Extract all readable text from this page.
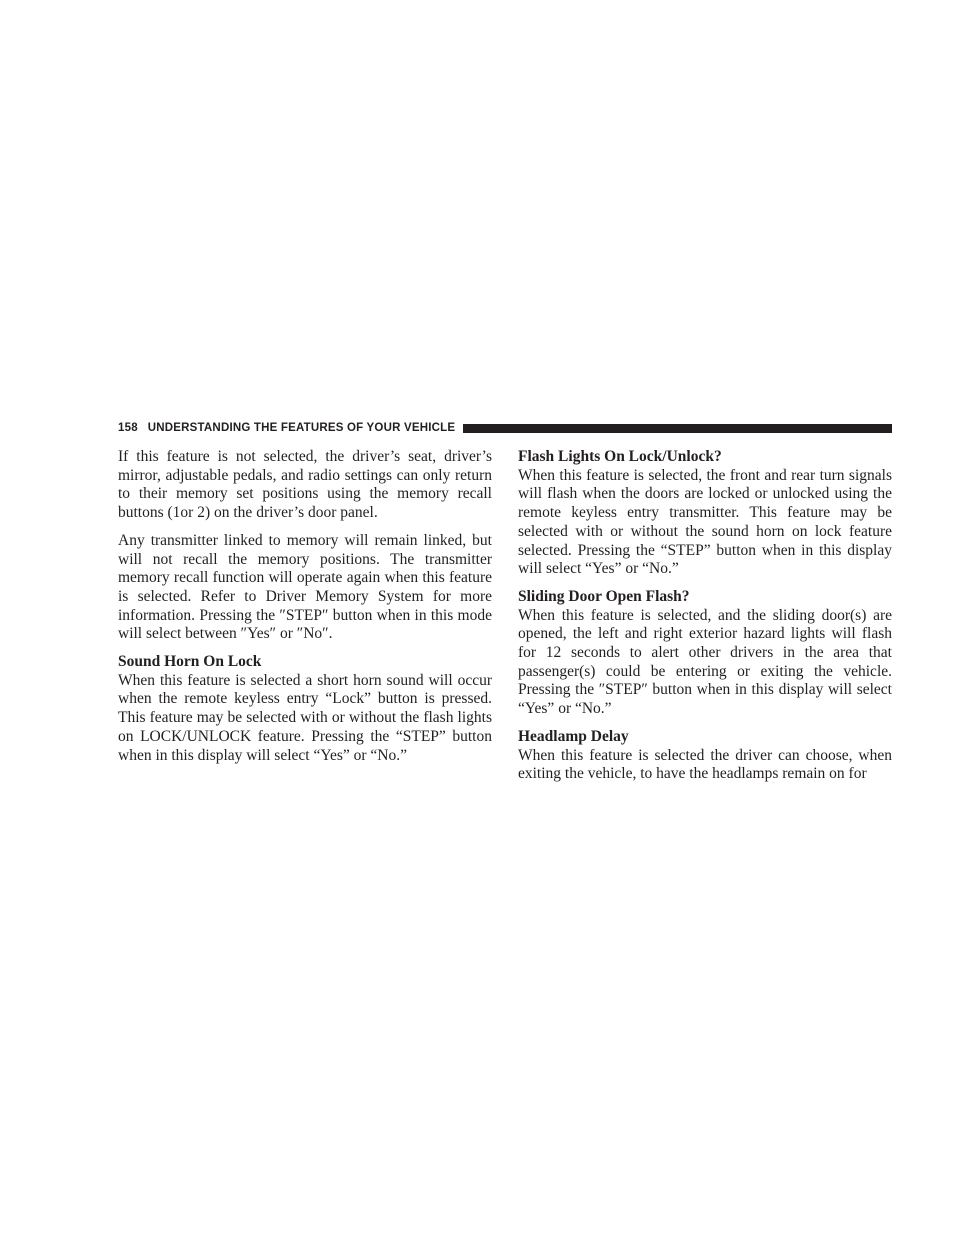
158 UNDERSTANDING THE FEATURES OF YOUR VEHICLE

If this feature is not selected, the driver’s seat, driver’s mirror, adjustable pedals, and radio settings can only return to their memory set positions using the memory recall buttons (1or 2) on the driver’s door panel.

Any transmitter linked to memory will remain linked, but will not recall the memory positions. The transmitter memory recall function will operate again when this feature is selected. Refer to Driver Memory System for more information. Pressing the ″STEP″ button when in this mode will select between ″Yes″ or ″No″.

Sound Horn On Lock

When this feature is selected a short horn sound will occur when the remote keyless entry “Lock” button is pressed. This feature may be selected with or without the flash lights on LOCK/UNLOCK feature. Pressing the “STEP” button when in this display will select “Yes” or “No.”

Flash Lights On Lock/Unlock?

When this feature is selected, the front and rear turn signals will flash when the doors are locked or unlocked using the remote keyless entry transmitter. This feature may be selected with or without the sound horn on lock feature selected. Pressing the “STEP” button when in this display will select “Yes” or “No.”

Sliding Door Open Flash?

When this feature is selected, and the sliding door(s) are opened, the left and right exterior hazard lights will flash for 12 seconds to alert other drivers in the area that passenger(s) could be entering or exiting the vehicle. Pressing the ″STEP″ button when in this display will select “Yes” or “No.”

Headlamp Delay

When this feature is selected the driver can choose, when exiting the vehicle, to have the headlamps remain on for
